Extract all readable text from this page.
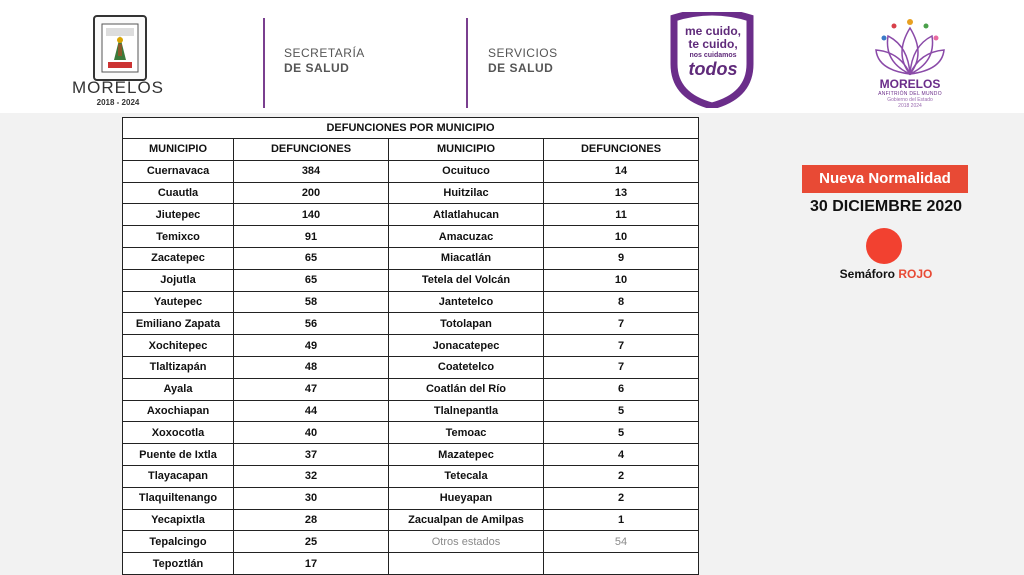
MORELOS
2018 - 2024
SECRETARÍA
DE SALUD
SERVICIOS
DE SALUD
me cuido,
te cuido,
nos cuidamos
todos
MORELOS
ANFITRIÓN DEL MUNDO
Gobierno del Estado
2018 2024
DEFUNCIONES POR MUNICIPIO			
MUNICIPIO	DEFUNCIONES	MUNICIPIO	DEFUNCIONES
Cuernavaca	384	Ocuituco	14
Cuautla	200	Huitzilac	13
Jiutepec	140	Atlatlahucan	11
Temixco	91	Amacuzac	10
Zacatepec	65	Miacatlán	9
Jojutla	65	Tetela del Volcán	10
Yautepec	58	Jantetelco	8
Emiliano Zapata	56	Totolapan	7
Xochitepec	49	Jonacatepec	7
Tlaltizapán	48	Coatetelco	7
Ayala	47	Coatlán del Río	6
Axochiapan	44	Tlalnepantla	5
Xoxocotla	40	Temoac	5
Puente de Ixtla	37	Mazatepec	4
Tlayacapan	32	Tetecala	2
Tlaquiltenango	30	Hueyapan	2
Yecapixtla	28	Zacualpan de Amilpas	1
Tepalcingo	25	Otros estados	54
Tepoztlán	17		
Nueva Normalidad
30 DICIEMBRE 2020
Semáforo ROJO
